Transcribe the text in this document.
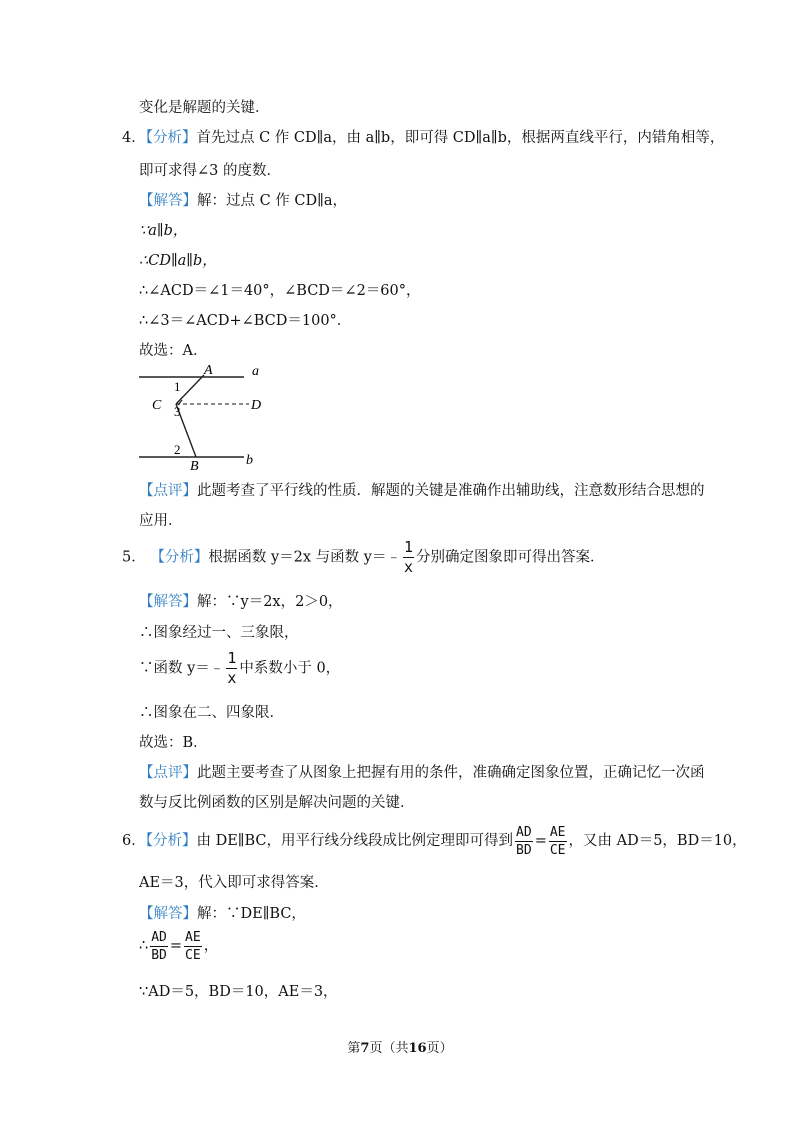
变化是解题的关键．
4．【分析】首先过点 C 作 CD∥a，由 a∥b，即可得 CD∥a∥b，根据两直线平行，内错角相等，
即可求得∠3 的度数．
【解答】解：过点 C 作 CD∥a，
∵a∥b，
∴CD∥a∥b，
∴∠ACD＝∠1＝40°，∠BCD＝∠2＝60°，
∴∠3＝∠ACD+∠BCD＝100°．
故选：A．
a
b
A
B
C	D
1
2
3
【点评】此题考查了平行线的性质．解题的关键是准确作出辅助线，注意数形结合思想的
应用．
5． 【分析】根据函数 y＝2x 与函数 y＝﹣ $\frac{1}{x}$ 分别确定图象即可得出答案．
【解答】解：∵y＝2x，2＞0，
∴图象经过一、三象限，
∵函数 y＝﹣ $\frac{1}{x}$ 中系数小于 0，
∴图象在二、四象限．
故选：B．
【点评】此题主要考查了从图象上把握有用的条件，准确确定图象位置，正确记忆一次函
数与反比例函数的区别是解决问题的关键．
6．【分析】由 DE∥BC，用平行线分线段成比例定理即可得到 $\frac{AD}{BD} = \frac{AE}{CE}$ ，又由 AD＝5，BD＝10，
AE＝3，代入即可求得答案．
【解答】解：∵DE∥BC，
∴ $\frac{AD}{BD} = \frac{AE}{CE}$ ，
∵AD＝5，BD＝10，AE＝3，
第7页（共16页）
